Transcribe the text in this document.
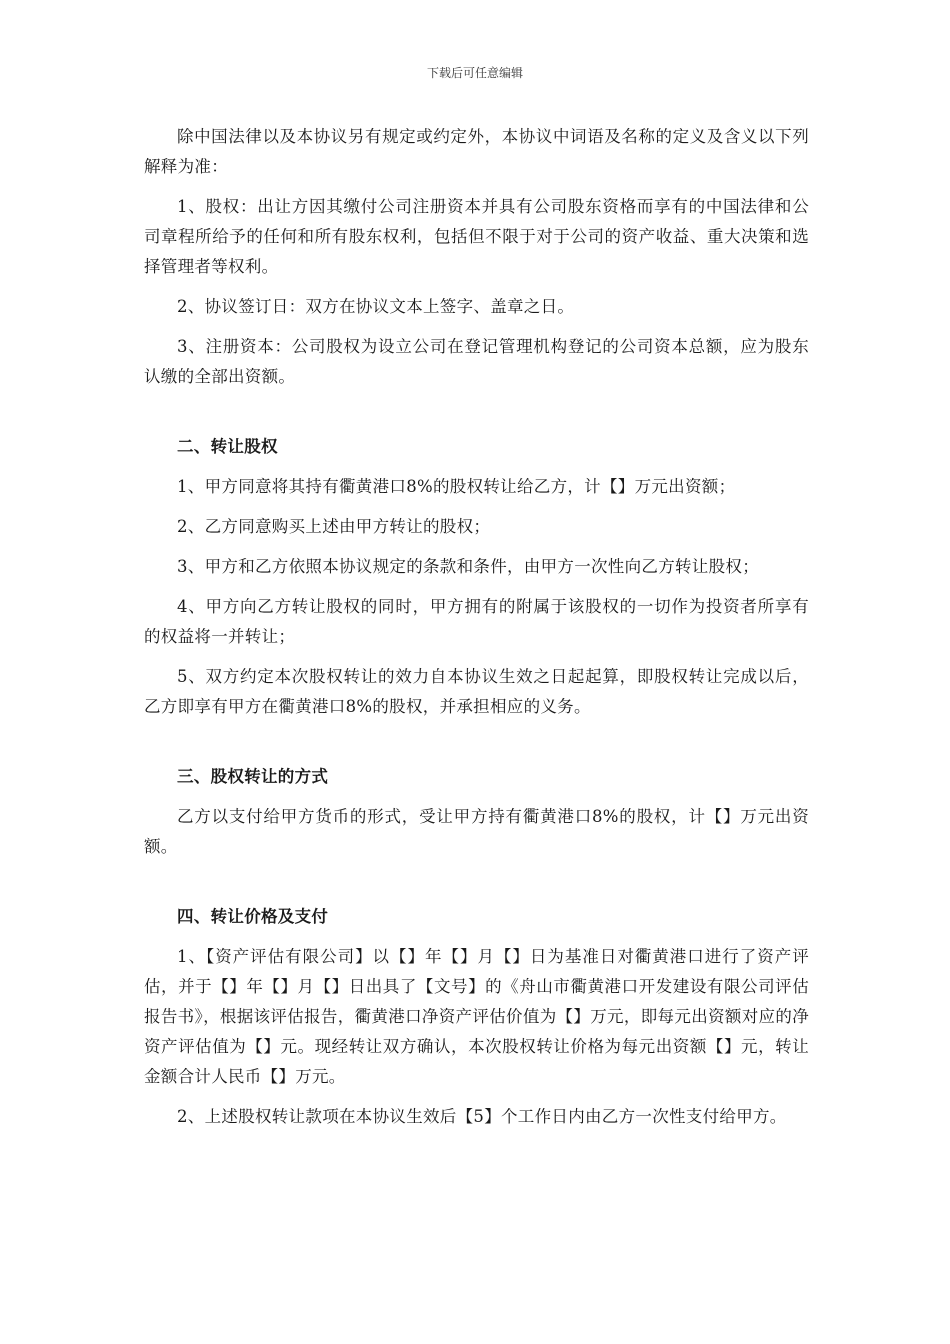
下载后可任意编辑

除中国法律以及本协议另有规定或约定外，本协议中词语及名称的定义及含义以下列解释为准：

1、股权：出让方因其缴付公司注册资本并具有公司股东资格而享有的中国法律和公司章程所给予的任何和所有股东权利，包括但不限于对于公司的资产收益、重大决策和选择管理者等权利。

2、协议签订日：双方在协议文本上签字、盖章之日。

3、注册资本：公司股权为设立公司在登记管理机构登记的公司资本总额，应为股东认缴的全部出资额。

二、转让股权

1、甲方同意将其持有衢黄港口8%的股权转让给乙方，计【】万元出资额；

2、乙方同意购买上述由甲方转让的股权；

3、甲方和乙方依照本协议规定的条款和条件，由甲方一次性向乙方转让股权；

4、甲方向乙方转让股权的同时，甲方拥有的附属于该股权的一切作为投资者所享有的权益将一并转让；

5、双方约定本次股权转让的效力自本协议生效之日起起算，即股权转让完成以后，乙方即享有甲方在衢黄港口8%的股权，并承担相应的义务。

三、股权转让的方式

乙方以支付给甲方货币的形式，受让甲方持有衢黄港口8%的股权，计【】万元出资额。

四、转让价格及支付

1、【资产评估有限公司】以【】年【】月【】日为基准日对衢黄港口进行了资产评估，并于【】年【】月【】日出具了【文号】的《舟山市衢黄港口开发建设有限公司评估报告书》，根据该评估报告，衢黄港口净资产评估价值为【】万元，即每元出资额对应的净资产评估值为【】元。现经转让双方确认，本次股权转让价格为每元出资额【】元，转让金额合计人民币【】万元。

2、上述股权转让款项在本协议生效后【5】个工作日内由乙方一次性支付给甲方。
